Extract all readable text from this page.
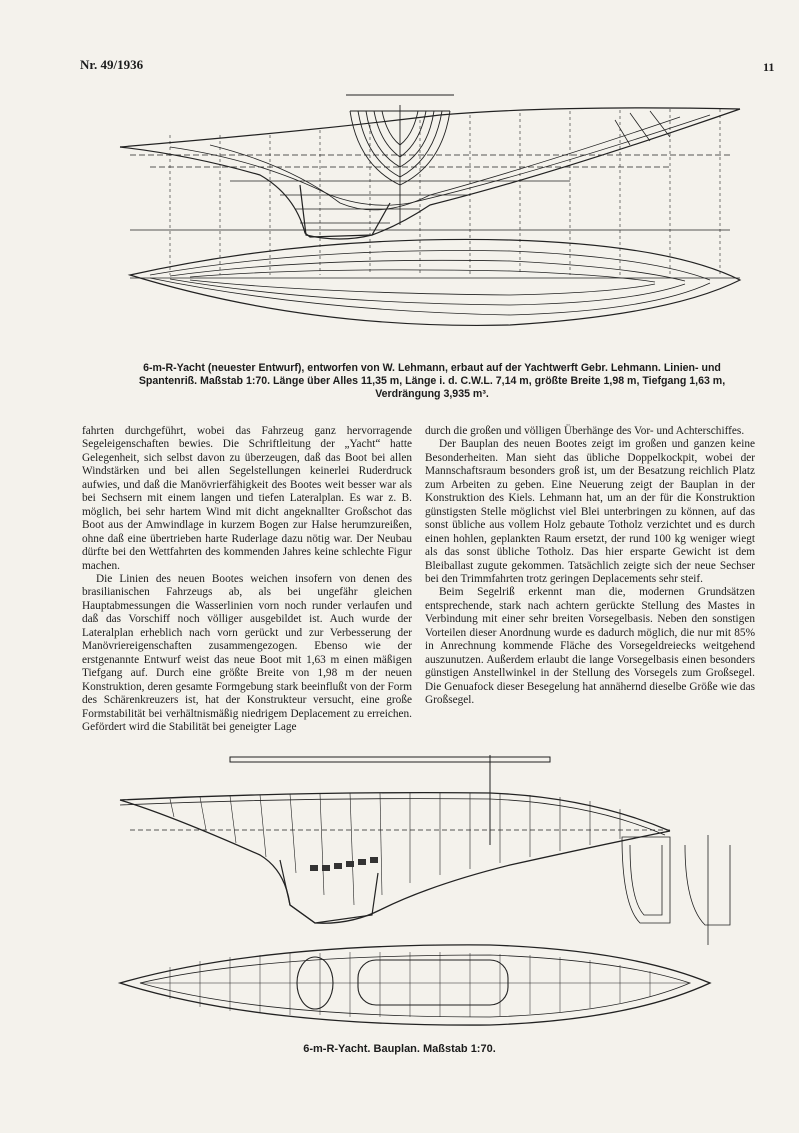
Nr. 49/1936	11

6-m-R-Yacht (neuester Entwurf), entworfen von W. Lehmann, erbaut auf der Yachtwerft Gebr. Lehmann. Linien- und

Spantenriß. Maßstab 1:70. Länge über Alles 11,35 m, Länge i. d. C.W.L. 7,14 m, größte Breite 1,98 m, Tiefgang 1,63 m,

Verdrängung 3,935 m³.

fahrten durchgeführt, wobei das Fahrzeug ganz hervorragende Segeleigenschaften bewies. Die Schriftleitung der „Yacht“ hatte Gelegenheit, sich selbst davon zu überzeugen, daß das Boot bei allen Windstärken und bei allen Segelstellungen keinerlei Ruderdruck aufwies, und daß die Manövrierfähigkeit des Bootes weit besser war als bei Sechsern mit einem langen und tiefen Lateralplan. Es war z. B. möglich, bei sehr hartem Wind mit dicht angeknallter Großschot das Boot aus der Amwindlage in kurzem Bogen zur Halse herumzureißen, ohne daß eine übertrieben harte Ruderlage dazu nötig war. Der Neubau dürfte bei den Wettfahrten des kommenden Jahres keine schlechte Figur machen.

Die Linien des neuen Bootes weichen insofern von denen des brasilianischen Fahrzeugs ab, als bei ungefähr gleichen Hauptabmessungen die Wasserlinien vorn noch runder verlaufen und daß das Vorschiff noch völliger ausgebildet ist. Auch wurde der Lateralplan erheblich nach vorn gerückt und zur Verbesserung der Manövriereigenschaften zusammengezogen. Ebenso wie der erstgenannte Entwurf weist das neue Boot mit 1,63 m einen mäßigen Tiefgang auf. Durch eine größte Breite von 1,98 m der neuen Konstruktion, deren gesamte Formgebung stark beeinflußt von der Form des Schärenkreuzers ist, hat der Konstrukteur versucht, eine große Formstabilität bei verhältnismäßig niedrigem Deplacement zu erreichen. Gefördert wird die Stabilität bei geneigter Lage

durch die großen und völligen Überhänge des Vor- und Achterschiffes.

Der Bauplan des neuen Bootes zeigt im großen und ganzen keine Besonderheiten. Man sieht das übliche Doppelkockpit, wobei der Mannschaftsraum besonders groß ist, um der Besatzung reichlich Platz zum Arbeiten zu geben. Eine Neuerung zeigt der Bauplan in der Konstruktion des Kiels. Lehmann hat, um an der für die Konstruktion günstigsten Stelle möglichst viel Blei unterbringen zu können, auf das sonst übliche aus vollem Holz gebaute Totholz verzichtet und es durch einen hohlen, geplankten Raum ersetzt, der rund 100 kg weniger wiegt als das sonst übliche Totholz. Das hier ersparte Gewicht ist dem Bleiballast zugute gekommen. Tatsächlich zeigte sich der neue Sechser bei den Trimmfahrten trotz geringen Deplacements sehr steif.

Beim Segelriß erkennt man die, modernen Grundsätzen entsprechende, stark nach achtern gerückte Stellung des Mastes in Verbindung mit einer sehr breiten Vorsegelbasis. Neben den sonstigen Vorteilen dieser Anordnung wurde es dadurch möglich, die nur mit 85% in Anrechnung kommende Fläche des Vorsegeldreiecks weitgehend auszunutzen. Außerdem erlaubt die lange Vorsegelbasis einen besonders günstigen Anstellwinkel in der Stellung des Vorsegels zum Großsegel. Die Genuafock dieser Besegelung hat annähernd dieselbe Größe wie das Großsegel.

6-m-R-Yacht. Bauplan. Maßstab 1:70.
